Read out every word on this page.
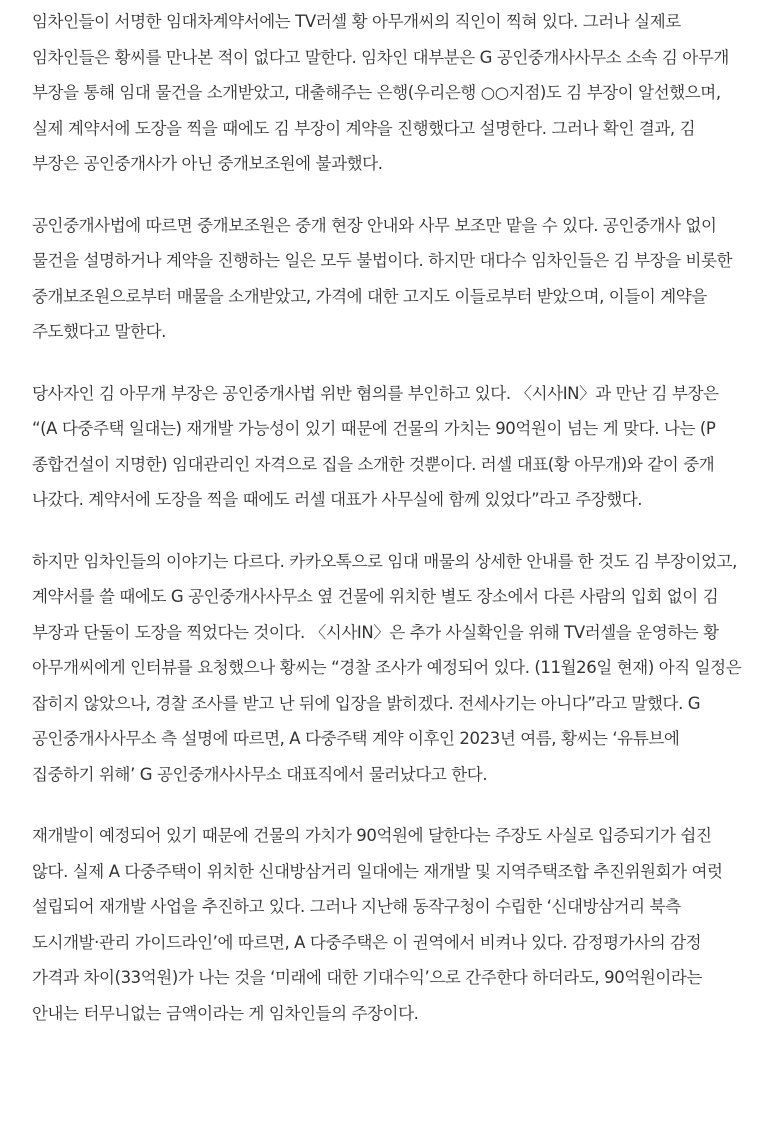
임차인들이 서명한 임대차계약서에는 TV러셀 황 아무개씨의 직인이 찍혀 있다. 그러나 실제로 임차인들은 황씨를 만나본 적이 없다고 말한다. 임차인 대부분은 G 공인중개사사무소 소속 김 아무개 부장을 통해 임대 물건을 소개받았고, 대출해주는 은행(우리은행 ○○지점)도 김 부장이 알선했으며, 실제 계약서에 도장을 찍을 때에도 김 부장이 계약을 진행했다고 설명한다. 그러나 확인 결과, 김 부장은 공인중개사가 아닌 중개보조원에 불과했다.

공인중개사법에 따르면 중개보조원은 중개 현장 안내와 사무 보조만 맡을 수 있다. 공인중개사 없이 물건을 설명하거나 계약을 진행하는 일은 모두 불법이다. 하지만 대다수 임차인들은 김 부장을 비롯한 중개보조원으로부터 매물을 소개받았고, 가격에 대한 고지도 이들로부터 받았으며, 이들이 계약을 주도했다고 말한다.

당사자인 김 아무개 부장은 공인중개사법 위반 혐의를 부인하고 있다. 〈시사IN〉과 만난 김 부장은 “(A 다중주택 일대는) 재개발 가능성이 있기 때문에 건물의 가치는 90억원이 넘는 게 맞다. 나는 (P 종합건설이 지명한) 임대관리인 자격으로 집을 소개한 것뿐이다. 러셀 대표(황 아무개)와 같이 중개 나갔다. 계약서에 도장을 찍을 때에도 러셀 대표가 사무실에 함께 있었다”라고 주장했다.

하지만 임차인들의 이야기는 다르다. 카카오톡으로 임대 매물의 상세한 안내를 한 것도 김 부장이었고, 계약서를 쓸 때에도 G 공인중개사사무소 옆 건물에 위치한 별도 장소에서 다른 사람의 입회 없이 김 부장과 단둘이 도장을 찍었다는 것이다. 〈시사IN〉은 추가 사실확인을 위해 TV러셀을 운영하는 황 아무개씨에게 인터뷰를 요청했으나 황씨는 “경찰 조사가 예정되어 있다. (11월26일 현재) 아직 일정은 잡히지 않았으나, 경찰 조사를 받고 난 뒤에 입장을 밝히겠다. 전세사기는 아니다”라고 말했다. G 공인중개사사무소 측 설명에 따르면, A 다중주택 계약 이후인 2023년 여름, 황씨는 ‘유튜브에 집중하기 위해’ G 공인중개사사무소 대표직에서 물러났다고 한다.

재개발이 예정되어 있기 때문에 건물의 가치가 90억원에 달한다는 주장도 사실로 입증되기가 쉽진 않다. 실제 A 다중주택이 위치한 신대방삼거리 일대에는 재개발 및 지역주택조합 추진위원회가 여럿 설립되어 재개발 사업을 추진하고 있다. 그러나 지난해 동작구청이 수립한 ‘신대방삼거리 북측 도시개발·관리 가이드라인’에 따르면, A 다중주택은 이 권역에서 비켜나 있다. 감정평가사의 감정 가격과 차이(33억원)가 나는 것을 ‘미래에 대한 기대수익’으로 간주한다 하더라도, 90억원이라는 안내는 터무니없는 금액이라는 게 임차인들의 주장이다.
